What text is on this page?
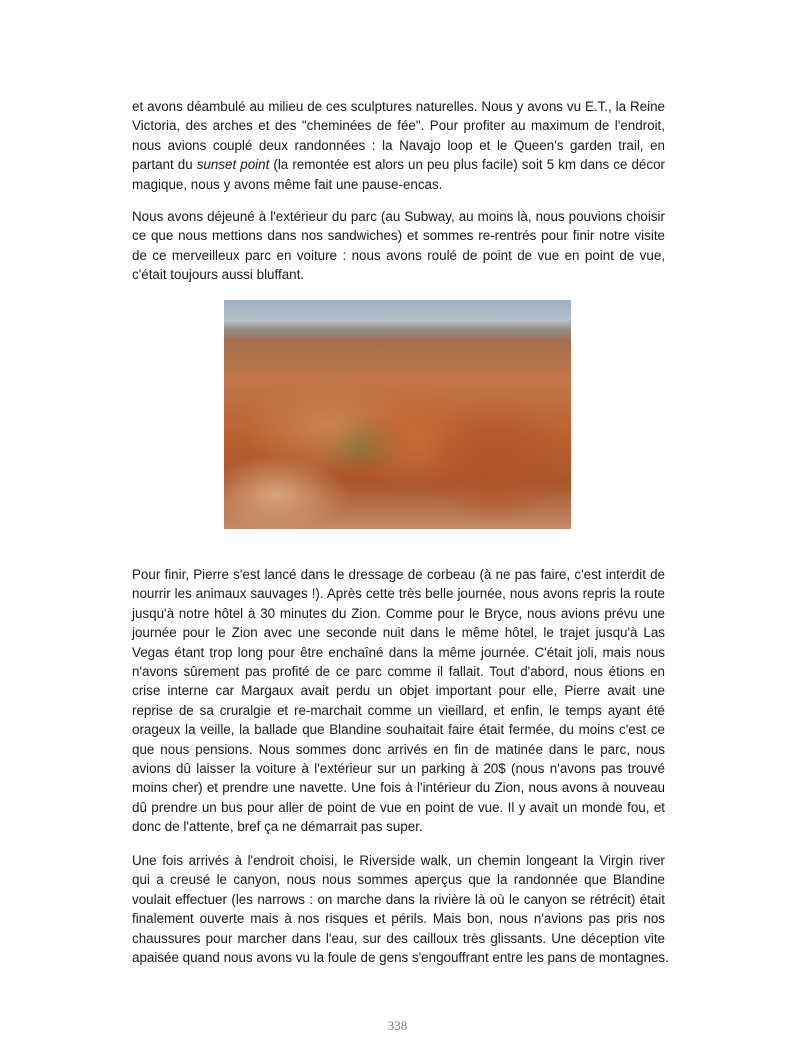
et avons déambulé au milieu de ces sculptures naturelles. Nous y avons vu E.T., la Reine
Victoria, des arches et des "cheminées de fée". Pour profiter au maximum de l'endroit,
nous avions couplé deux randonnées : la Navajo loop et le Queen's garden trail, en
partant du sunset point (la remontée est alors un peu plus facile) soit 5 km dans ce décor
magique, nous y avons même fait une pause-encas.
Nous avons déjeuné à l'extérieur du parc (au Subway, au moins là, nous pouvions choisir
ce que nous mettions dans nos sandwiches) et sommes re-rentrés pour finir notre visite
de ce merveilleux parc en voiture : nous avons roulé de point de vue en point de vue,
c'était toujours aussi bluffant.
Pour finir, Pierre s'est lancé dans le dressage de corbeau (à ne pas faire, c'est interdit de
nourrir les animaux sauvages !). Après cette très belle journée, nous avons repris la route
jusqu'à notre hôtel à 30 minutes du Zion. Comme pour le Bryce, nous avions prévu une
journée pour le Zion avec une seconde nuit dans le même hôtel, le trajet jusqu'à Las
Vegas étant trop long pour être enchaîné dans la même journée. C'était joli, mais nous
n'avons sûrement pas profité de ce parc comme il fallait. Tout d'abord, nous étions en
crise interne car Margaux avait perdu un objet important pour elle, Pierre avait une
reprise de sa cruralgie et re-marchait comme un vieillard, et enfin, le temps ayant été
orageux la veille, la ballade que Blandine souhaitait faire était fermée, du moins c'est ce
que nous pensions. Nous sommes donc arrivés en fin de matinée dans le parc, nous
avions dû laisser la voiture à l'extérieur sur un parking à 20$ (nous n'avons pas trouvé
moins cher) et prendre une navette. Une fois à l'intérieur du Zion, nous avons à nouveau
dû prendre un bus pour aller de point de vue en point de vue. Il y avait un monde fou, et
donc de l'attente, bref ça ne démarrait pas super.
Une fois arrivés à l'endroit choisi, le Riverside walk, un chemin longeant la Virgin river
qui a creusé le canyon, nous nous sommes aperçus que la randonnée que Blandine
voulait effectuer (les narrows : on marche dans la rivière là où le canyon se rétrécit) était
finalement ouverte mais à nos risques et périls. Mais bon, nous n'avions pas pris nos
chaussures pour marcher dans l'eau, sur des cailloux très glissants. Une déception vite
apaisée quand nous avons vu la foule de gens s'engouffrant entre les pans de montagnes.
338
